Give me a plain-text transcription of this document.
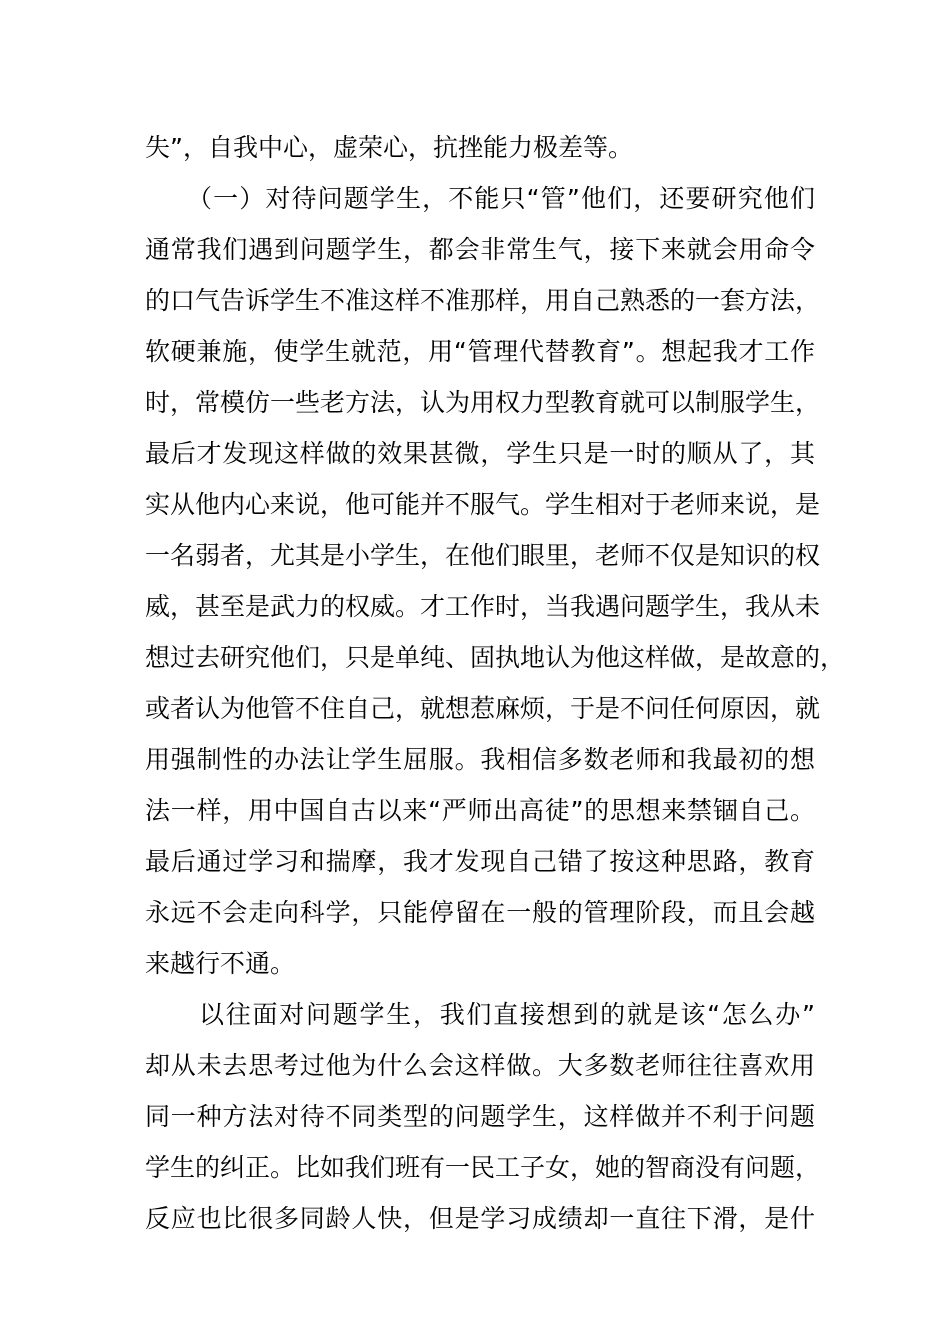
失”，自我中心，虚荣心，抗挫能力极差等。
（一）对待问题学生，不能只“管”他们，还要研究他们
通常我们遇到问题学生，都会非常生气，接下来就会用命令
的口气告诉学生不准这样不准那样，用自己熟悉的一套方法，
软硬兼施，使学生就范，用“管理代替教育”。想起我才工作
时，常模仿一些老方法，认为用权力型教育就可以制服学生，
最后才发现这样做的效果甚微，学生只是一时的顺从了，其
实从他内心来说，他可能并不服气。学生相对于老师来说，是
一名弱者，尤其是小学生，在他们眼里，老师不仅是知识的权
威，甚至是武力的权威。才工作时，当我遇问题学生，我从未
想过去研究他们，只是单纯、固执地认为他这样做，是故意的，
或者认为他管不住自己，就想惹麻烦，于是不问任何原因，就
用强制性的办法让学生屈服。我相信多数老师和我最初的想
法一样，用中国自古以来“严师出高徒”的思想来禁锢自己。
最后通过学习和揣摩，我才发现自己错了按这种思路，教育
永远不会走向科学，只能停留在一般的管理阶段，而且会越
来越行不通。
以往面对问题学生，我们直接想到的就是该“怎么办”
却从未去思考过他为什么会这样做。大多数老师往往喜欢用
同一种方法对待不同类型的问题学生，这样做并不利于问题
学生的纠正。比如我们班有一民工子女，她的智商没有问题，
反应也比很多同龄人快，但是学习成绩却一直往下滑，是什
